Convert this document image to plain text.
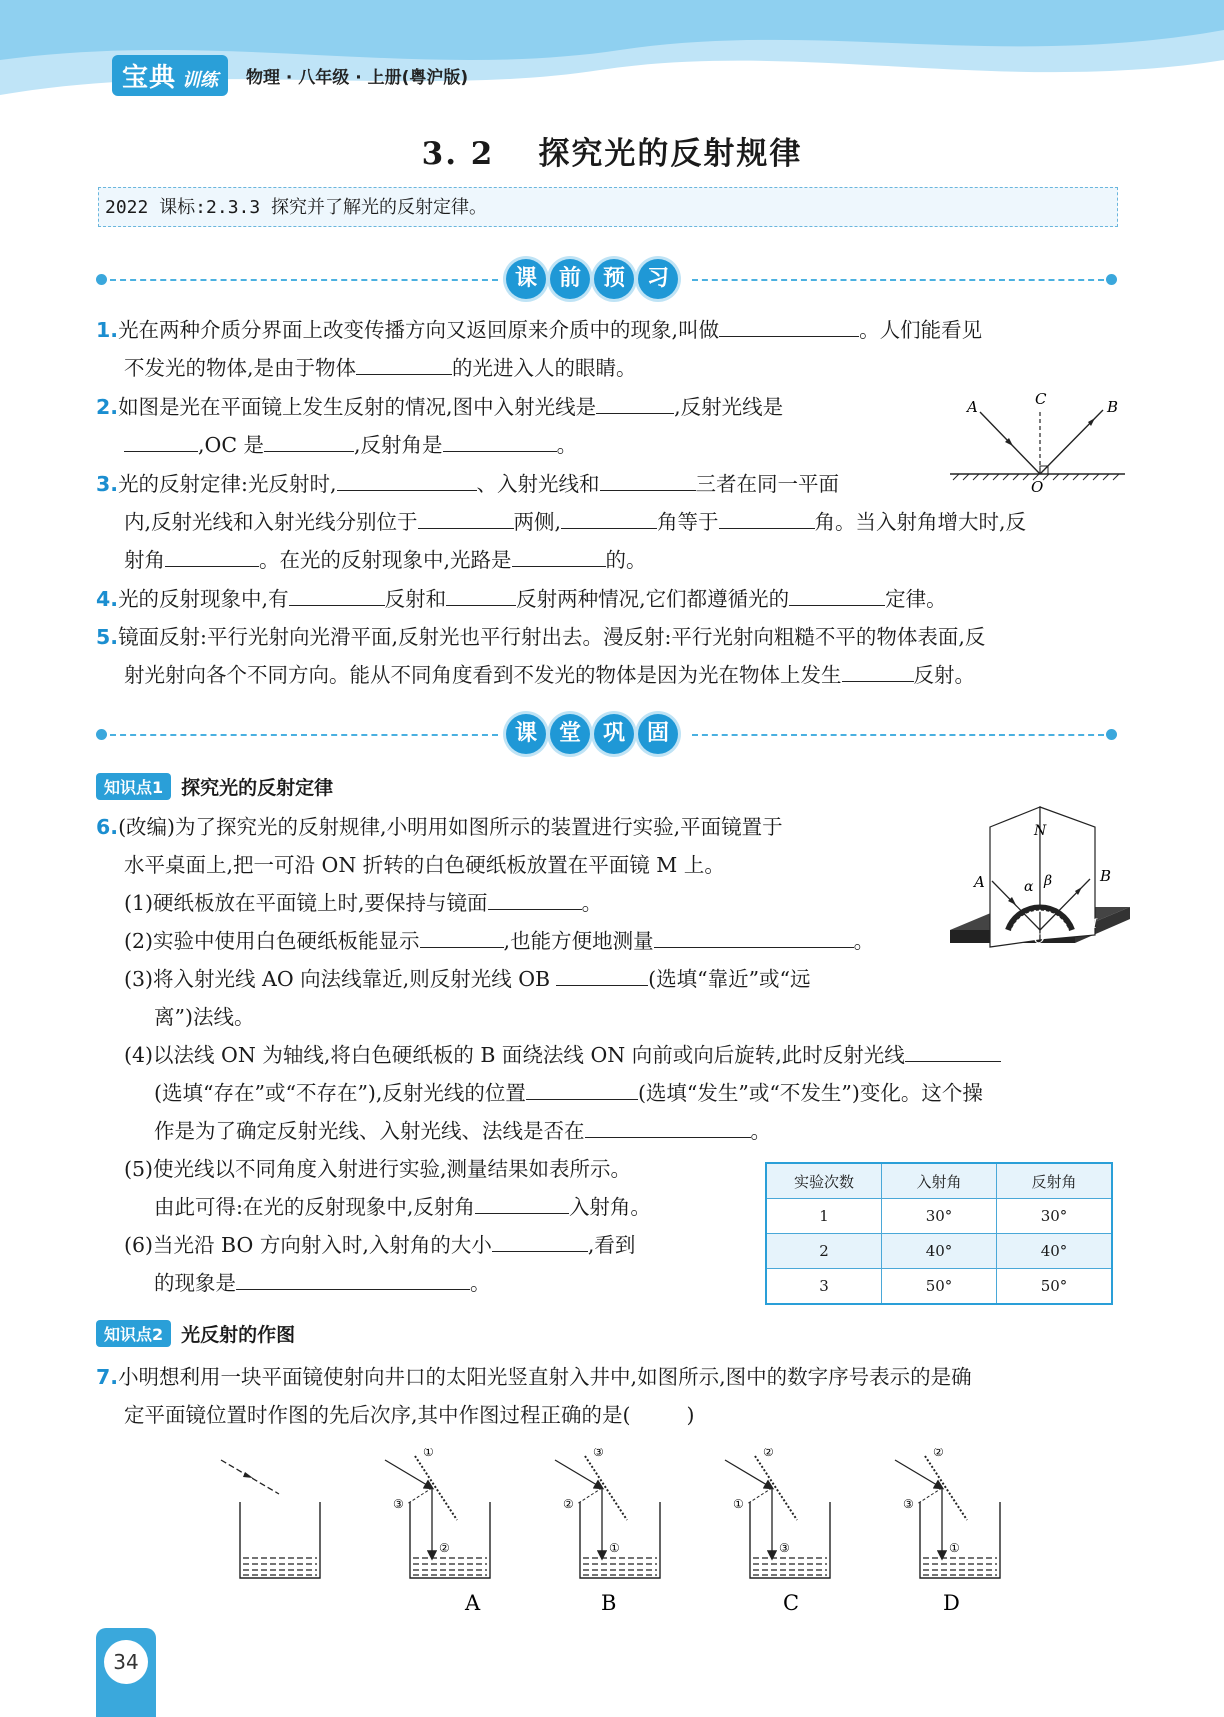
宝典 训练 物理 · 八年级 · 上册(粤沪版)
3. 2 探究光的反射规律
2022 课标:2.3.3 探究并了解光的反射定律。
课 前 预 习
1.光在两种介质分界面上改变传播方向又返回原来介质中的现象,叫做	。人们能看见
不发光的物体,是由于物体	的光进入人的眼睛。
2.如图是光在平面镜上发生反射的情况,图中入射光线是	,反射光线是
,OC 是	,反射角是	。
A	C	B
O
3.光的反射定律:光反射时,	、入射光线和	三者在同一平面
内,反射光线和入射光线分别位于	两侧,	角等于	角。当入射角增大时,反
射角	。在光的反射现象中,光路是	的。
4.光的反射现象中,有	反射和	反射两种情况,它们都遵循光的	定律。
5.镜面反射:平行光射向光滑平面,反射光也平行射出去。漫反射:平行光射向粗糙不平的物体表面,反
射光射向各个不同方向。能从不同角度看到不发光的物体是因为光在物体上发生	反射。
课 堂 巩 固
知识点1 探究光的反射定律
6.(改编)为了探究光的反射规律,小明用如图所示的装置进行实验,平面镜置于
水平桌面上,把一可沿 ON 折转的白色硬纸板放置在平面镜 M 上。
(1)硬纸板放在平面镜上时,要保持与镜面	。
(2)实验中使用白色硬纸板能显示	,也能方便地测量	。
(3)将入射光线 AO 向法线靠近,则反射光线 OB	(选填“靠近”或“远
离”)法线。
(4)以法线 ON 为轴线,将白色硬纸板的 B 面绕法线 ON 向前或向后旋转,此时反射光线
(选填“存在”或“不存在”),反射光线的位置	(选填“发生”或“不发生”)变化。这个操
作是为了确定反射光线、入射光线、法线是否在	。
(5)使光线以不同角度入射进行实验,测量结果如表所示。
由此可得:在光的反射现象中,反射角	入射角。
(6)当光沿 BO 方向射入时,入射角的大小	,看到
的现象是	。
N
A	B
α β
O
M
实验次数	入射角	反射角
1	30°	30°
2	40°	40°
3	50°	50°
知识点2 光反射的作图
7.小明想利用一块平面镜使射向井口的太阳光竖直射入井中,如图所示,图中的数字序号表示的是确
定平面镜位置时作图的先后次序,其中作图过程正确的是(	)
①
③
②
③
②
①
②
①
③
②
③
①
A	B	C	D
34
